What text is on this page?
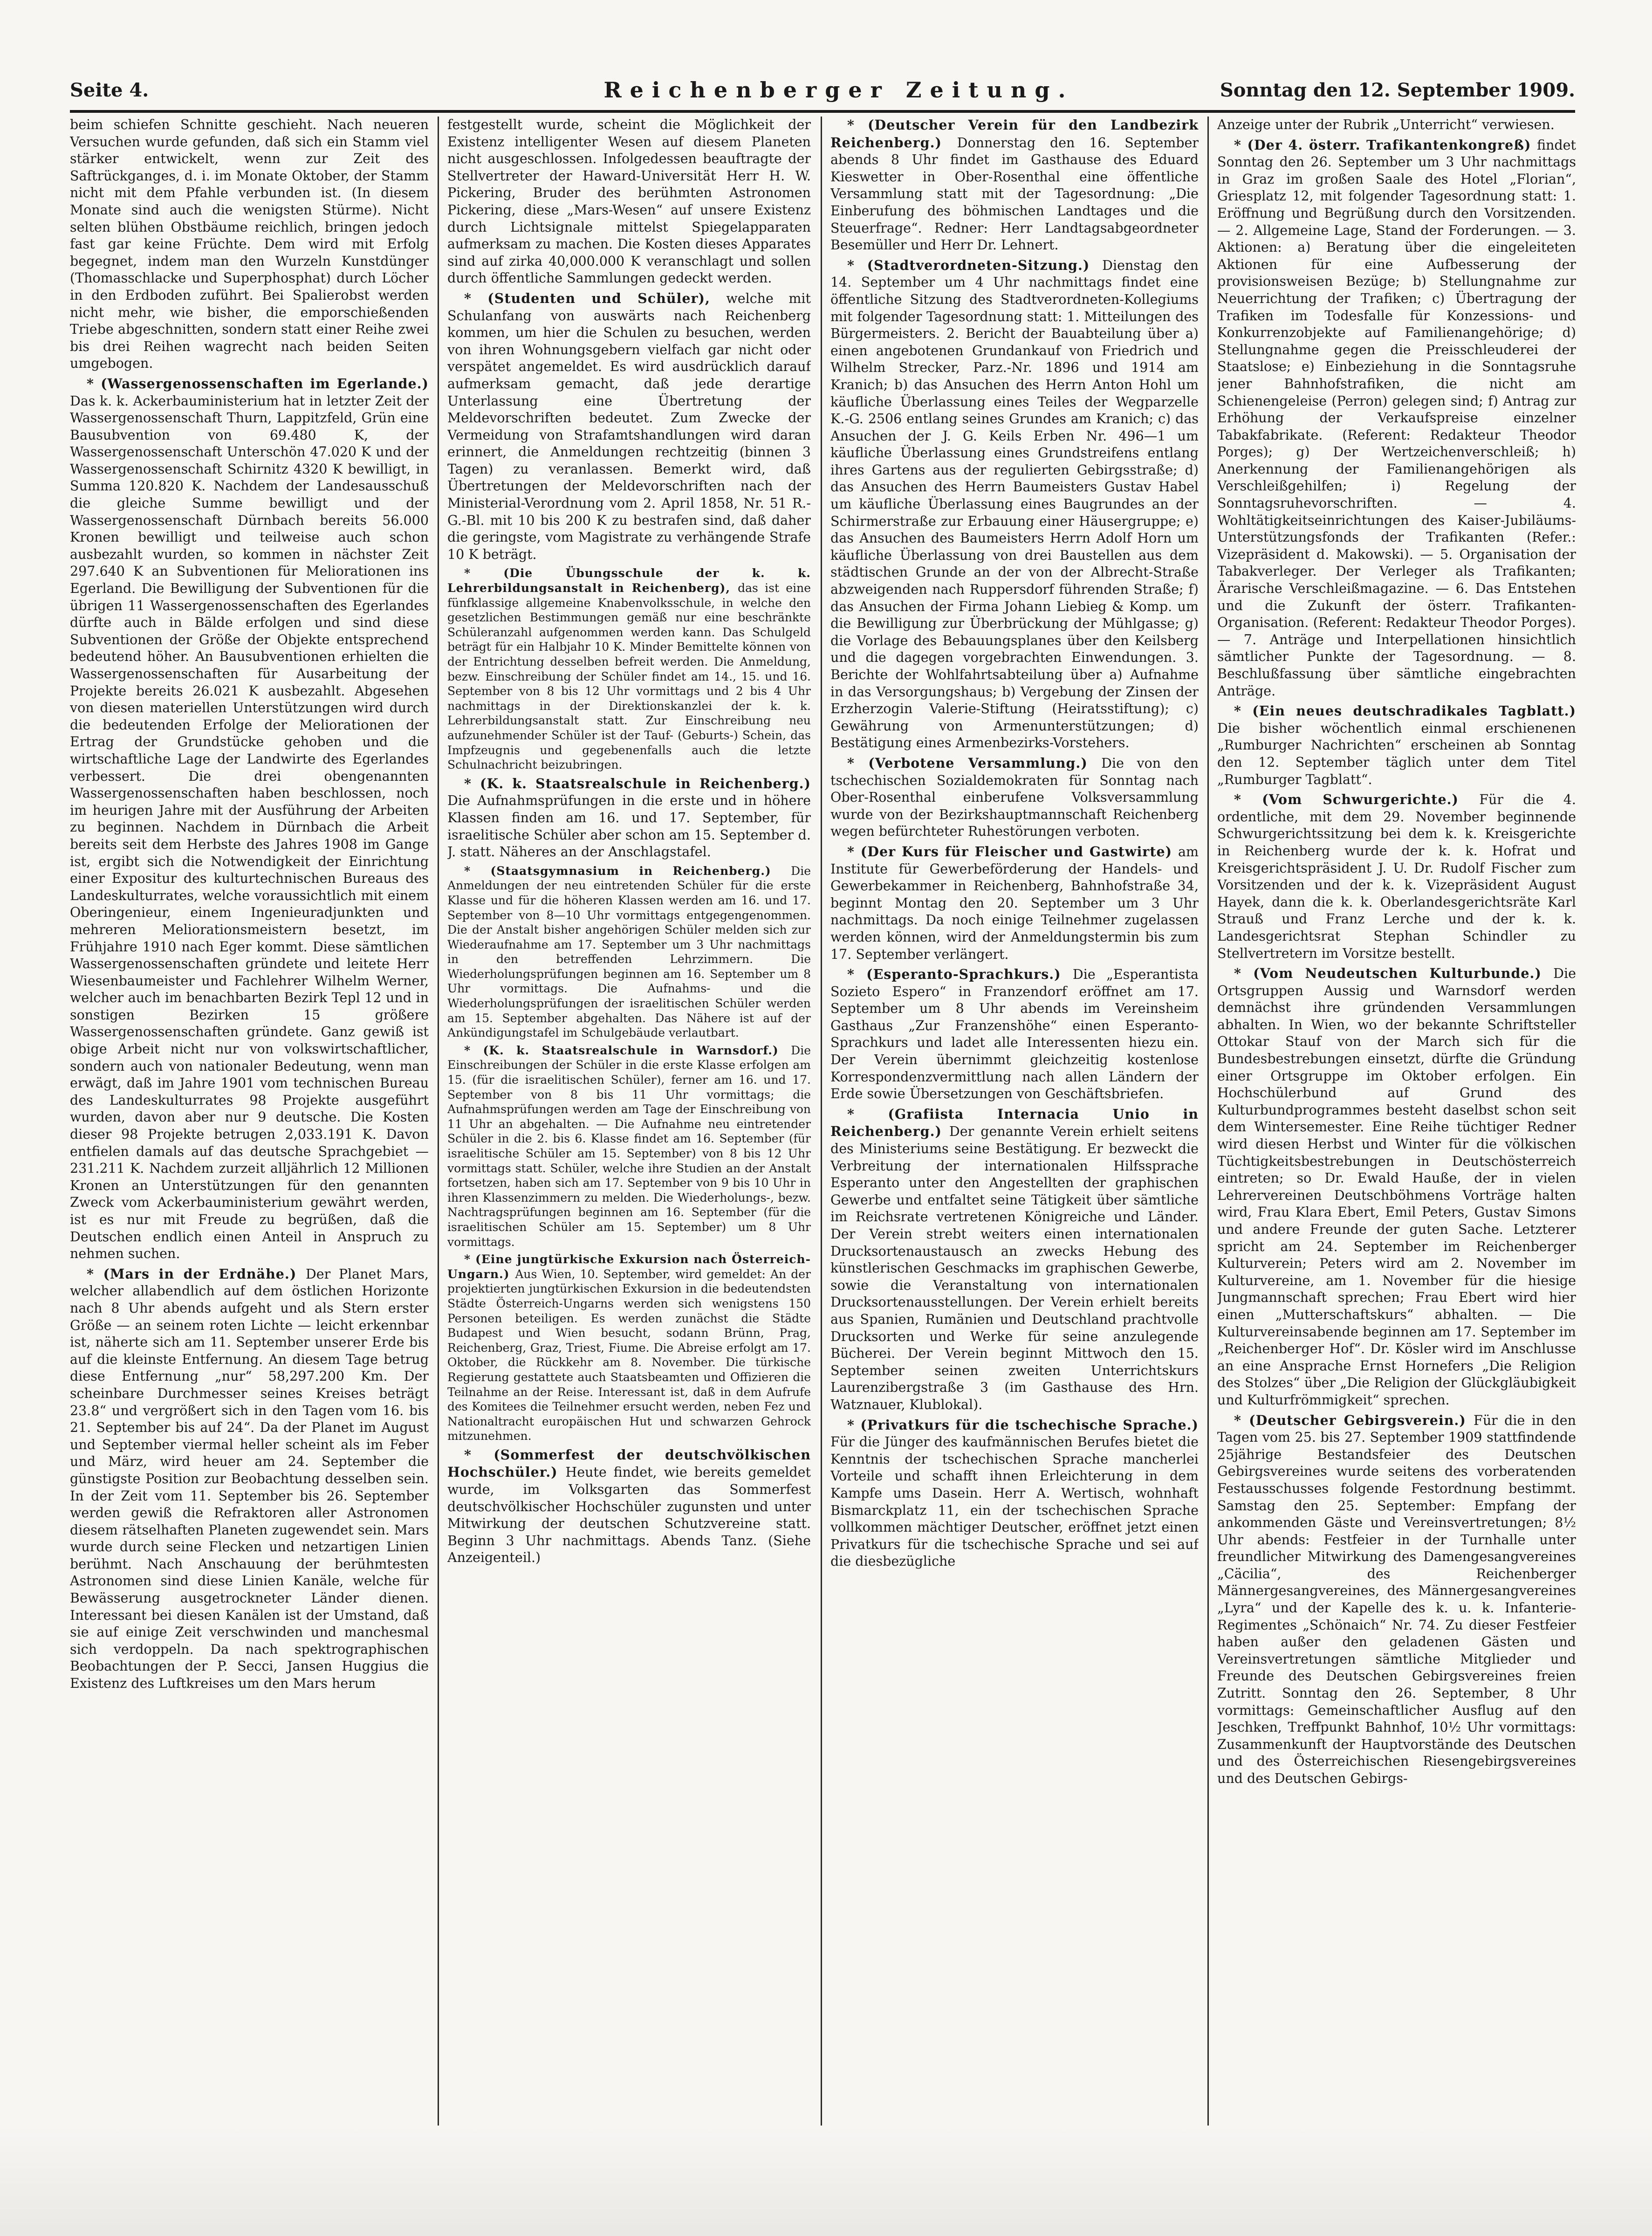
Seite 4.	Reichenberger Zeitung.	Sonntag den 12. September 1909.

beim schiefen Schnitte geschieht. Nach neueren Versuchen wurde gefunden, daß sich ein Stamm viel stärker entwickelt, wenn zur Zeit des Saftrückganges, d. i. im Monate Oktober, der Stamm nicht mit dem Pfahle verbunden ist. (In diesem Monate sind auch die wenigsten Stürme). Nicht selten blühen Obstbäume reichlich, bringen jedoch fast gar keine Früchte. Dem wird mit Erfolg begegnet, indem man den Wurzeln Kunstdünger (Thomasschlacke und Superphosphat) durch Löcher in den Erdboden zuführt. Bei Spalierobst werden nicht mehr, wie bisher, die emporschießenden Triebe abgeschnitten, sondern statt einer Reihe zwei bis drei Reihen wagrecht nach beiden Seiten umgebogen.

* (Wassergenossenschaften im Egerlande.) Das k. k. Ackerbauministerium hat in letzter Zeit der Wassergenossenschaft Thurn, Lappitzfeld, Grün eine Bausubvention von 69.480 K, der Wassergenossenschaft Unterschön 47.020 K und der Wassergenossenschaft Schirnitz 4320 K bewilligt, in Summa 120.820 K. Nachdem der Landesausschuß die gleiche Summe bewilligt und der Wassergenossenschaft Dürnbach bereits 56.000 Kronen bewilligt und teilweise auch schon ausbezahlt wurden, so kommen in nächster Zeit 297.640 K an Subventionen für Meliorationen ins Egerland. Die Bewilligung der Subventionen für die übrigen 11 Wassergenossenschaften des Egerlandes dürfte auch in Bälde erfolgen und sind diese Subventionen der Größe der Objekte entsprechend bedeutend höher. An Bausubventionen erhielten die Wassergenossenschaften für Ausarbeitung der Projekte bereits 26.021 K ausbezahlt. Abgesehen von diesen materiellen Unterstützungen wird durch die bedeutenden Erfolge der Meliorationen der Ertrag der Grundstücke gehoben und die wirtschaftliche Lage der Landwirte des Egerlandes verbessert. Die drei obengenannten Wassergenossenschaften haben beschlossen, noch im heurigen Jahre mit der Ausführung der Arbeiten zu beginnen. Nachdem in Dürnbach die Arbeit bereits seit dem Herbste des Jahres 1908 im Gange ist, ergibt sich die Notwendigkeit der Einrichtung einer Expositur des kulturtechnischen Bureaus des Landeskulturrates, welche voraussichtlich mit einem Oberingenieur, einem Ingenieuradjunkten und mehreren Meliorationsmeistern besetzt, im Frühjahre 1910 nach Eger kommt. Diese sämtlichen Wassergenossenschaften gründete und leitete Herr Wiesenbaumeister und Fachlehrer Wilhelm Werner, welcher auch im benachbarten Bezirk Tepl 12 und in sonstigen Bezirken 15 größere Wassergenossenschaften gründete. Ganz gewiß ist obige Arbeit nicht nur von volkswirtschaftlicher, sondern auch von nationaler Bedeutung, wenn man erwägt, daß im Jahre 1901 vom technischen Bureau des Landeskulturrates 98 Projekte ausgeführt wurden, davon aber nur 9 deutsche. Die Kosten dieser 98 Projekte betrugen 2,033.191 K. Davon entfielen damals auf das deutsche Sprachgebiet — 231.211 K. Nachdem zurzeit alljährlich 12 Millionen Kronen an Unterstützungen für den genannten Zweck vom Ackerbauministerium gewährt werden, ist es nur mit Freude zu begrüßen, daß die Deutschen endlich einen Anteil in Anspruch zu nehmen suchen.

* (Mars in der Erdnähe.) Der Planet Mars, welcher allabendlich auf dem östlichen Horizonte nach 8 Uhr abends aufgeht und als Stern erster Größe — an seinem roten Lichte — leicht erkennbar ist, näherte sich am 11. September unserer Erde bis auf die kleinste Entfernung. An diesem Tage betrug diese Entfernung „nur“ 58,297.200 Km. Der scheinbare Durchmesser seines Kreises beträgt 23.8“ und vergrößert sich in den Tagen vom 16. bis 21. September bis auf 24“. Da der Planet im August und September viermal heller scheint als im Feber und März, wird heuer am 24. September die günstigste Position zur Beobachtung desselben sein. In der Zeit vom 11. September bis 26. September werden gewiß die Refraktoren aller Astronomen diesem rätselhaften Planeten zugewendet sein. Mars wurde durch seine Flecken und netzartigen Linien berühmt. Nach Anschauung der berühmtesten Astronomen sind diese Linien Kanäle, welche für Bewässerung ausgetrockneter Länder dienen. Interessant bei diesen Kanälen ist der Umstand, daß sie auf einige Zeit verschwinden und manchesmal sich verdoppeln. Da nach spektrographischen Beobachtungen der P. Secci, Jansen Huggius die Existenz des Luftkreises um den Mars herum

festgestellt wurde, scheint die Möglichkeit der Existenz intelligenter Wesen auf diesem Planeten nicht ausgeschlossen. Infolgedessen beauftragte der Stellvertreter der Haward-Universität Herr H. W. Pickering, Bruder des berühmten Astronomen Pickering, diese „Mars-Wesen“ auf unsere Existenz durch Lichtsignale mittelst Spiegelapparaten aufmerksam zu machen. Die Kosten dieses Apparates sind auf zirka 40,000.000 K veranschlagt und sollen durch öffentliche Sammlungen gedeckt werden.

* (Studenten und Schüler), welche mit Schulanfang von auswärts nach Reichenberg kommen, um hier die Schulen zu besuchen, werden von ihren Wohnungsgebern vielfach gar nicht oder verspätet angemeldet. Es wird ausdrücklich darauf aufmerksam gemacht, daß jede derartige Unterlassung eine Übertretung der Meldevorschriften bedeutet. Zum Zwecke der Vermeidung von Strafamtshandlungen wird daran erinnert, die Anmeldungen rechtzeitig (binnen 3 Tagen) zu veranlassen. Bemerkt wird, daß Übertretungen der Meldevorschriften nach der Ministerial-Verordnung vom 2. April 1858, Nr. 51 R.-G.-Bl. mit 10 bis 200 K zu bestrafen sind, daß daher die geringste, vom Magistrate zu verhängende Strafe 10 K beträgt.

* (Die Übungsschule der k. k. Lehrerbildungsanstalt in Reichenberg), das ist eine fünfklassige allgemeine Knabenvolksschule, in welche den gesetzlichen Bestimmungen gemäß nur eine beschränkte Schüleranzahl aufgenommen werden kann. Das Schulgeld beträgt für ein Halbjahr 10 K. Minder Bemittelte können von der Entrichtung desselben befreit werden. Die Anmeldung, bezw. Einschreibung der Schüler findet am 14., 15. und 16. September von 8 bis 12 Uhr vormittags und 2 bis 4 Uhr nachmittags in der Direktionskanzlei der k. k. Lehrerbildungsanstalt statt. Zur Einschreibung neu aufzunehmender Schüler ist der Tauf- (Geburts-) Schein, das Impfzeugnis und gegebenenfalls auch die letzte Schulnachricht beizubringen.

* (K. k. Staatsrealschule in Reichenberg.) Die Aufnahmsprüfungen in die erste und in höhere Klassen finden am 16. und 17. September, für israelitische Schüler aber schon am 15. September d. J. statt. Näheres an der Anschlagstafel.

* (Staatsgymnasium in Reichenberg.) Die Anmeldungen der neu eintretenden Schüler für die erste Klasse und für die höheren Klassen werden am 16. und 17. September von 8—10 Uhr vormittags entgegengenommen. Die der Anstalt bisher angehörigen Schüler melden sich zur Wiederaufnahme am 17. September um 3 Uhr nachmittags in den betreffenden Lehrzimmern. Die Wiederholungsprüfungen beginnen am 16. September um 8 Uhr vormittags. Die Aufnahms- und die Wiederholungsprüfungen der israelitischen Schüler werden am 15. September abgehalten. Das Nähere ist auf der Ankündigungstafel im Schulgebäude verlautbart.

* (K. k. Staatsrealschule in Warnsdorf.) Die Einschreibungen der Schüler in die erste Klasse erfolgen am 15. (für die israelitischen Schüler), ferner am 16. und 17. September von 8 bis 11 Uhr vormittags; die Aufnahmsprüfungen werden am Tage der Einschreibung von 11 Uhr an abgehalten. — Die Aufnahme neu eintretender Schüler in die 2. bis 6. Klasse findet am 16. September (für israelitische Schüler am 15. September) von 8 bis 12 Uhr vormittags statt. Schüler, welche ihre Studien an der Anstalt fortsetzen, haben sich am 17. September von 9 bis 10 Uhr in ihren Klassenzimmern zu melden. Die Wiederholungs-, bezw. Nachtragsprüfungen beginnen am 16. September (für die israelitischen Schüler am 15. September) um 8 Uhr vormittags.

* (Eine jungtürkische Exkursion nach Österreich-Ungarn.) Aus Wien, 10. September, wird gemeldet: An der projektierten jungtürkischen Exkursion in die bedeutendsten Städte Österreich-Ungarns werden sich wenigstens 150 Personen beteiligen. Es werden zunächst die Städte Budapest und Wien besucht, sodann Brünn, Prag, Reichenberg, Graz, Triest, Fiume. Die Abreise erfolgt am 17. Oktober, die Rückkehr am 8. November. Die türkische Regierung gestattete auch Staatsbeamten und Offizieren die Teilnahme an der Reise. Interessant ist, daß in dem Aufrufe des Komitees die Teilnehmer ersucht werden, neben Fez und Nationaltracht europäischen Hut und schwarzen Gehrock mitzunehmen.

* (Sommerfest der deutschvölkischen Hochschüler.) Heute findet, wie bereits gemeldet wurde, im Volksgarten das Sommerfest deutschvölkischer Hochschüler zugunsten und unter Mitwirkung der deutschen Schutzvereine statt. Beginn 3 Uhr nachmittags. Abends Tanz. (Siehe Anzeigenteil.)

* (Deutscher Verein für den Landbezirk Reichenberg.) Donnerstag den 16. September abends 8 Uhr findet im Gasthause des Eduard Kieswetter in Ober-Rosenthal eine öffentliche Versammlung statt mit der Tagesordnung: „Die Einberufung des böhmischen Landtages und die Steuerfrage“. Redner: Herr Landtagsabgeordneter Besemüller und Herr Dr. Lehnert.

* (Stadtverordneten-Sitzung.) Dienstag den 14. September um 4 Uhr nachmittags findet eine öffentliche Sitzung des Stadtverordneten-Kollegiums mit folgender Tagesordnung statt: 1. Mitteilungen des Bürgermeisters. 2. Bericht der Bauabteilung über a) einen angebotenen Grundankauf von Friedrich und Wilhelm Strecker, Parz.-Nr. 1896 und 1914 am Kranich; b) das Ansuchen des Herrn Anton Hohl um käufliche Überlassung eines Teiles der Wegparzelle K.-G. 2506 entlang seines Grundes am Kranich; c) das Ansuchen der J. G. Keils Erben Nr. 496—1 um käufliche Überlassung eines Grundstreifens entlang ihres Gartens aus der regulierten Gebirgsstraße; d) das Ansuchen des Herrn Baumeisters Gustav Habel um käufliche Überlassung eines Baugrundes an der Schirmerstraße zur Erbauung einer Häusergruppe; e) das Ansuchen des Baumeisters Herrn Adolf Horn um käufliche Überlassung von drei Baustellen aus dem städtischen Grunde an der von der Albrecht-Straße abzweigenden nach Ruppersdorf führenden Straße; f) das Ansuchen der Firma Johann Liebieg & Komp. um die Bewilligung zur Überbrückung der Mühlgasse; g) die Vorlage des Bebauungsplanes über den Keilsberg und die dagegen vorgebrachten Einwendungen. 3. Berichte der Wohlfahrtsabteilung über a) Aufnahme in das Versorgungshaus; b) Vergebung der Zinsen der Erzherzogin Valerie-Stiftung (Heiratsstiftung); c) Gewährung von Armenunterstützungen; d) Bestätigung eines Armenbezirks-Vorstehers.

* (Verbotene Versammlung.) Die von den tschechischen Sozialdemokraten für Sonntag nach Ober-Rosenthal einberufene Volksversammlung wurde von der Bezirkshauptmannschaft Reichenberg wegen befürchteter Ruhestörungen verboten.

* (Der Kurs für Fleischer und Gastwirte) am Institute für Gewerbeförderung der Handels- und Gewerbekammer in Reichenberg, Bahnhofstraße 34, beginnt Montag den 20. September um 3 Uhr nachmittags. Da noch einige Teilnehmer zugelassen werden können, wird der Anmeldungstermin bis zum 17. September verlängert.

* (Esperanto-Sprachkurs.) Die „Esperantista Sozieto Espero“ in Franzendorf eröffnet am 17. September um 8 Uhr abends im Vereinsheim Gasthaus „Zur Franzenshöhe“ einen Esperanto-Sprachkurs und ladet alle Interessenten hiezu ein. Der Verein übernimmt gleichzeitig kostenlose Korrespondenzvermittlung nach allen Ländern der Erde sowie Übersetzungen von Geschäftsbriefen.

* (Grafiista Internacia Unio in Reichenberg.) Der genannte Verein erhielt seitens des Ministeriums seine Bestätigung. Er bezweckt die Verbreitung der internationalen Hilfssprache Esperanto unter den Angestellten der graphischen Gewerbe und entfaltet seine Tätigkeit über sämtliche im Reichsrate vertretenen Königreiche und Länder. Der Verein strebt weiters einen internationalen Drucksortenaustausch an zwecks Hebung des künstlerischen Geschmacks im graphischen Gewerbe, sowie die Veranstaltung von internationalen Drucksortenausstellungen. Der Verein erhielt bereits aus Spanien, Rumänien und Deutschland prachtvolle Drucksorten und Werke für seine anzulegende Bücherei. Der Verein beginnt Mittwoch den 15. September seinen zweiten Unterrichtskurs Laurenzibergstraße 3 (im Gasthause des Hrn. Watznauer, Klublokal).

* (Privatkurs für die tschechische Sprache.) Für die Jünger des kaufmännischen Berufes bietet die Kenntnis der tschechischen Sprache mancherlei Vorteile und schafft ihnen Erleichterung in dem Kampfe ums Dasein. Herr A. Wertisch, wohnhaft Bismarckplatz 11, ein der tschechischen Sprache vollkommen mächtiger Deutscher, eröffnet jetzt einen Privatkurs für die tschechische Sprache und sei auf die diesbezügliche

Anzeige unter der Rubrik „Unterricht“ verwiesen.

* (Der 4. österr. Trafikantenkongreß) findet Sonntag den 26. September um 3 Uhr nachmittags in Graz im großen Saale des Hotel „Florian“, Griesplatz 12, mit folgender Tagesordnung statt: 1. Eröffnung und Begrüßung durch den Vorsitzenden. — 2. Allgemeine Lage, Stand der Forderungen. — 3. Aktionen: a) Beratung über die eingeleiteten Aktionen für eine Aufbesserung der provisionsweisen Bezüge; b) Stellungnahme zur Neuerrichtung der Trafiken; c) Übertragung der Trafiken im Todesfalle für Konzessions- und Konkurrenzobjekte auf Familienangehörige; d) Stellungnahme gegen die Preisschleuderei der Staatslose; e) Einbeziehung in die Sonntagsruhe jener Bahnhofstrafiken, die nicht am Schienengeleise (Perron) gelegen sind; f) Antrag zur Erhöhung der Verkaufspreise einzelner Tabakfabrikate. (Referent: Redakteur Theodor Porges); g) Der Wertzeichenverschleiß; h) Anerkennung der Familienangehörigen als Verschleißgehilfen; i) Regelung der Sonntagsruhevorschriften. — 4. Wohltätigkeitseinrichtungen des Kaiser-Jubiläums-Unterstützungsfonds der Trafikanten (Refer.: Vizepräsident d. Makowski). — 5. Organisation der Tabakverleger. Der Verleger als Trafikanten; Ärarische Verschleißmagazine. — 6. Das Entstehen und die Zukunft der österr. Trafikanten-Organisation. (Referent: Redakteur Theodor Porges). — 7. Anträge und Interpellationen hinsichtlich sämtlicher Punkte der Tagesordnung. — 8. Beschlußfassung über sämtliche eingebrachten Anträge.

* (Ein neues deutschradikales Tagblatt.) Die bisher wöchentlich einmal erschienenen „Rumburger Nachrichten“ erscheinen ab Sonntag den 12. September täglich unter dem Titel „Rumburger Tagblatt“.

* (Vom Schwurgerichte.) Für die 4. ordentliche, mit dem 29. November beginnende Schwurgerichtssitzung bei dem k. k. Kreisgerichte in Reichenberg wurde der k. k. Hofrat und Kreisgerichtspräsident J. U. Dr. Rudolf Fischer zum Vorsitzenden und der k. k. Vizepräsident August Hayek, dann die k. k. Oberlandesgerichtsräte Karl Strauß und Franz Lerche und der k. k. Landesgerichtsrat Stephan Schindler zu Stellvertretern im Vorsitze bestellt.

* (Vom Neudeutschen Kulturbunde.) Die Ortsgruppen Aussig und Warnsdorf werden demnächst ihre gründenden Versammlungen abhalten. In Wien, wo der bekannte Schriftsteller Ottokar Stauf von der March sich für die Bundesbestrebungen einsetzt, dürfte die Gründung einer Ortsgruppe im Oktober erfolgen. Ein Hochschülerbund auf Grund des Kulturbundprogrammes besteht daselbst schon seit dem Wintersemester. Eine Reihe tüchtiger Redner wird diesen Herbst und Winter für die völkischen Tüchtigkeitsbestrebungen in Deutschösterreich eintreten; so Dr. Ewald Hauße, der in vielen Lehrervereinen Deutschböhmens Vorträge halten wird, Frau Klara Ebert, Emil Peters, Gustav Simons und andere Freunde der guten Sache. Letzterer spricht am 24. September im Reichenberger Kulturverein; Peters wird am 2. November im Kulturvereine, am 1. November für die hiesige Jungmannschaft sprechen; Frau Ebert wird hier einen „Mutterschaftskurs“ abhalten. — Die Kulturvereinsabende beginnen am 17. September im „Reichenberger Hof“. Dr. Kösler wird im Anschlusse an eine Ansprache Ernst Hornefers „Die Religion des Stolzes“ über „Die Religion der Glückgläubigkeit und Kulturfrömmigkeit“ sprechen.

* (Deutscher Gebirgsverein.) Für die in den Tagen vom 25. bis 27. September 1909 stattfindende 25jährige Bestandsfeier des Deutschen Gebirgsvereines wurde seitens des vorberatenden Festausschusses folgende Festordnung bestimmt. Samstag den 25. September: Empfang der ankommenden Gäste und Vereinsvertretungen; 8½ Uhr abends: Festfeier in der Turnhalle unter freundlicher Mitwirkung des Damengesangvereines „Cäcilia“, des Reichenberger Männergesangvereines, des Männergesangvereines „Lyra“ und der Kapelle des k. u. k. Infanterie-Regimentes „Schönaich“ Nr. 74. Zu dieser Festfeier haben außer den geladenen Gästen und Vereinsvertretungen sämtliche Mitglieder und Freunde des Deutschen Gebirgsvereines freien Zutritt. Sonntag den 26. September, 8 Uhr vormittags: Gemeinschaftlicher Ausflug auf den Jeschken, Treffpunkt Bahnhof, 10½ Uhr vormittags: Zusammenkunft der Hauptvorstände des Deutschen und des Österreichischen Riesengebirgsvereines und des Deutschen Gebirgs-
